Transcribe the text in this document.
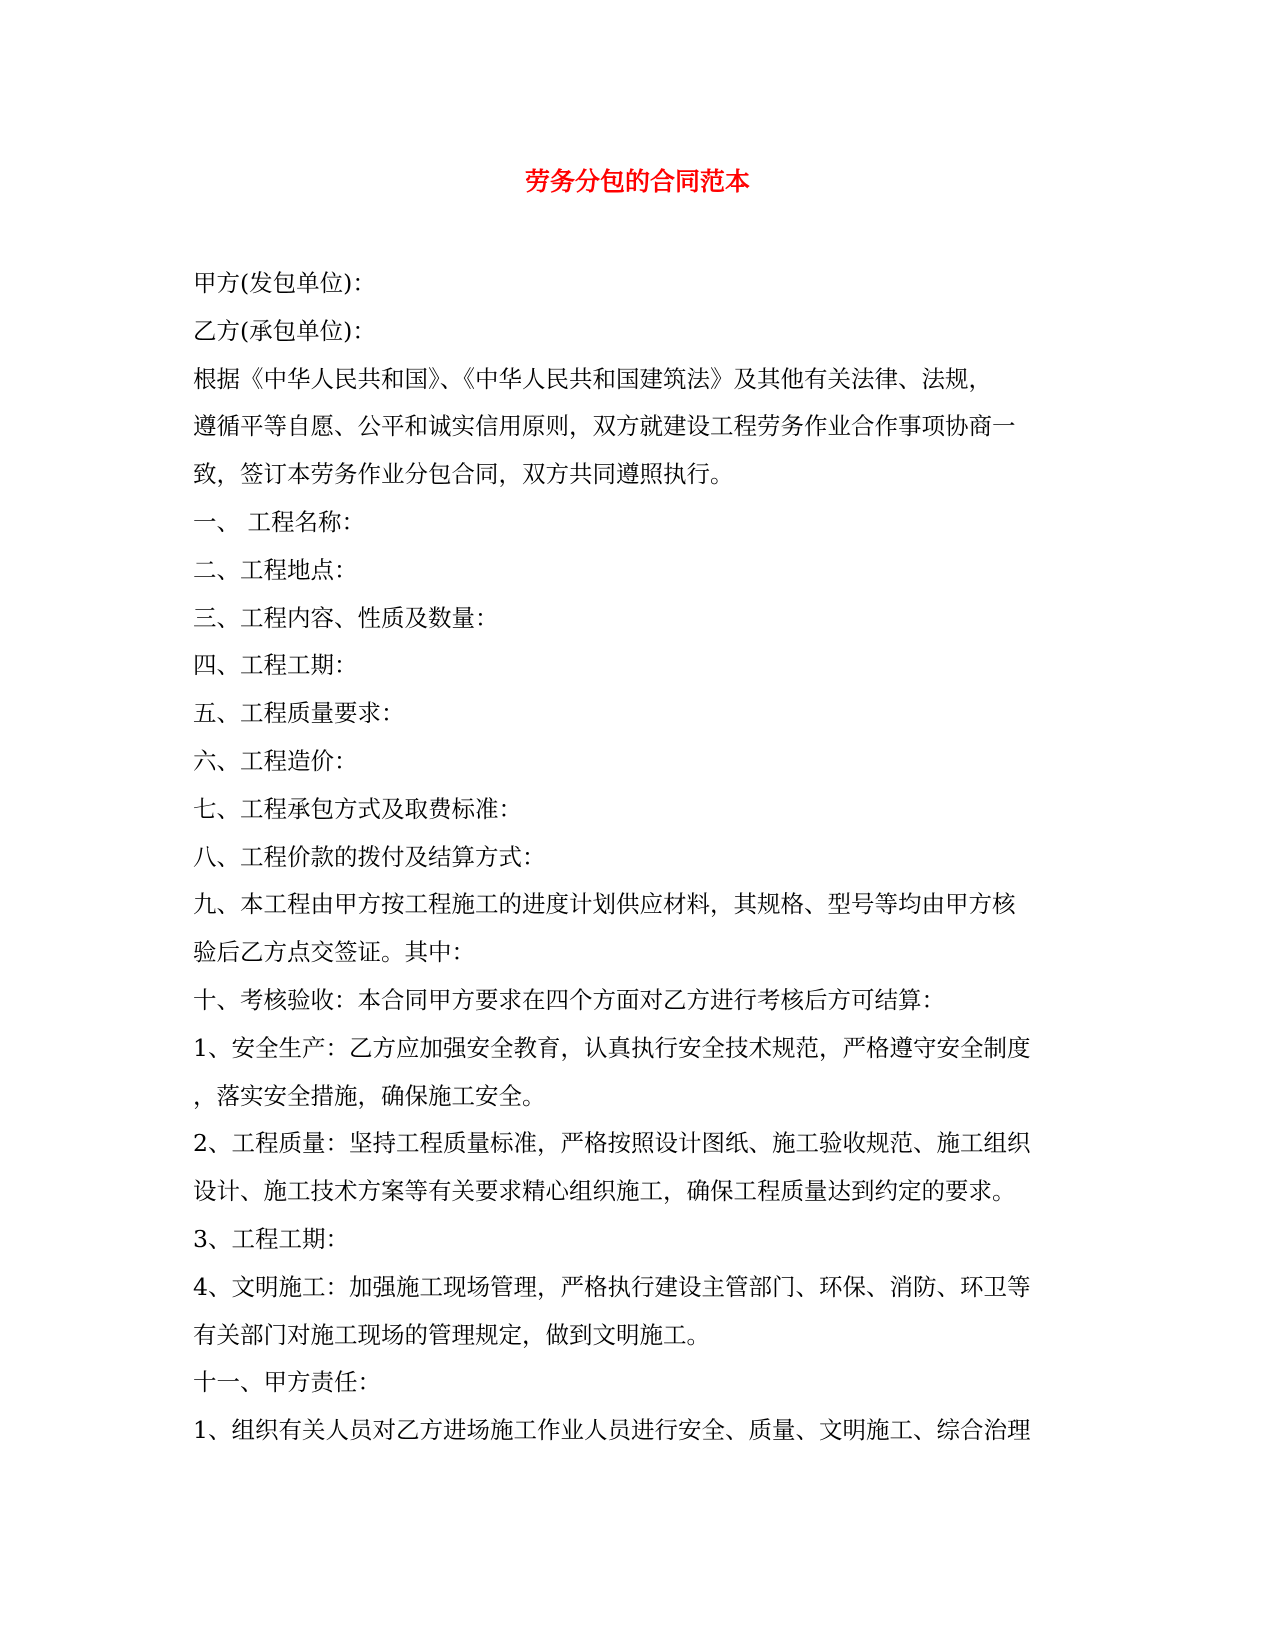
劳务分包的合同范本

甲方(发包单位)：

乙方(承包单位)：

根据《中华人民共和国》、《中华人民共和国建筑法》及其他有关法律、法规，

遵循平等自愿、公平和诚实信用原则，双方就建设工程劳务作业合作事项协商一

致，签订本劳务作业分包合同，双方共同遵照执行。

一、 工程名称：

二、工程地点：

三、工程内容、性质及数量：

四、工程工期：

五、工程质量要求：

六、工程造价：

七、工程承包方式及取费标准：

八、工程价款的拨付及结算方式：

九、本工程由甲方按工程施工的进度计划供应材料，其规格、型号等均由甲方核

验后乙方点交签证。其中：

十、考核验收：本合同甲方要求在四个方面对乙方进行考核后方可结算：

1、安全生产：乙方应加强安全教育，认真执行安全技术规范，严格遵守安全制度

，落实安全措施，确保施工安全。

2、工程质量：坚持工程质量标准，严格按照设计图纸、施工验收规范、施工组织

设计、施工技术方案等有关要求精心组织施工，确保工程质量达到约定的要求。

3、工程工期：

4、文明施工：加强施工现场管理，严格执行建设主管部门、环保、消防、环卫等

有关部门对施工现场的管理规定，做到文明施工。

十一、甲方责任：

1、组织有关人员对乙方进场施工作业人员进行安全、质量、文明施工、综合治理
